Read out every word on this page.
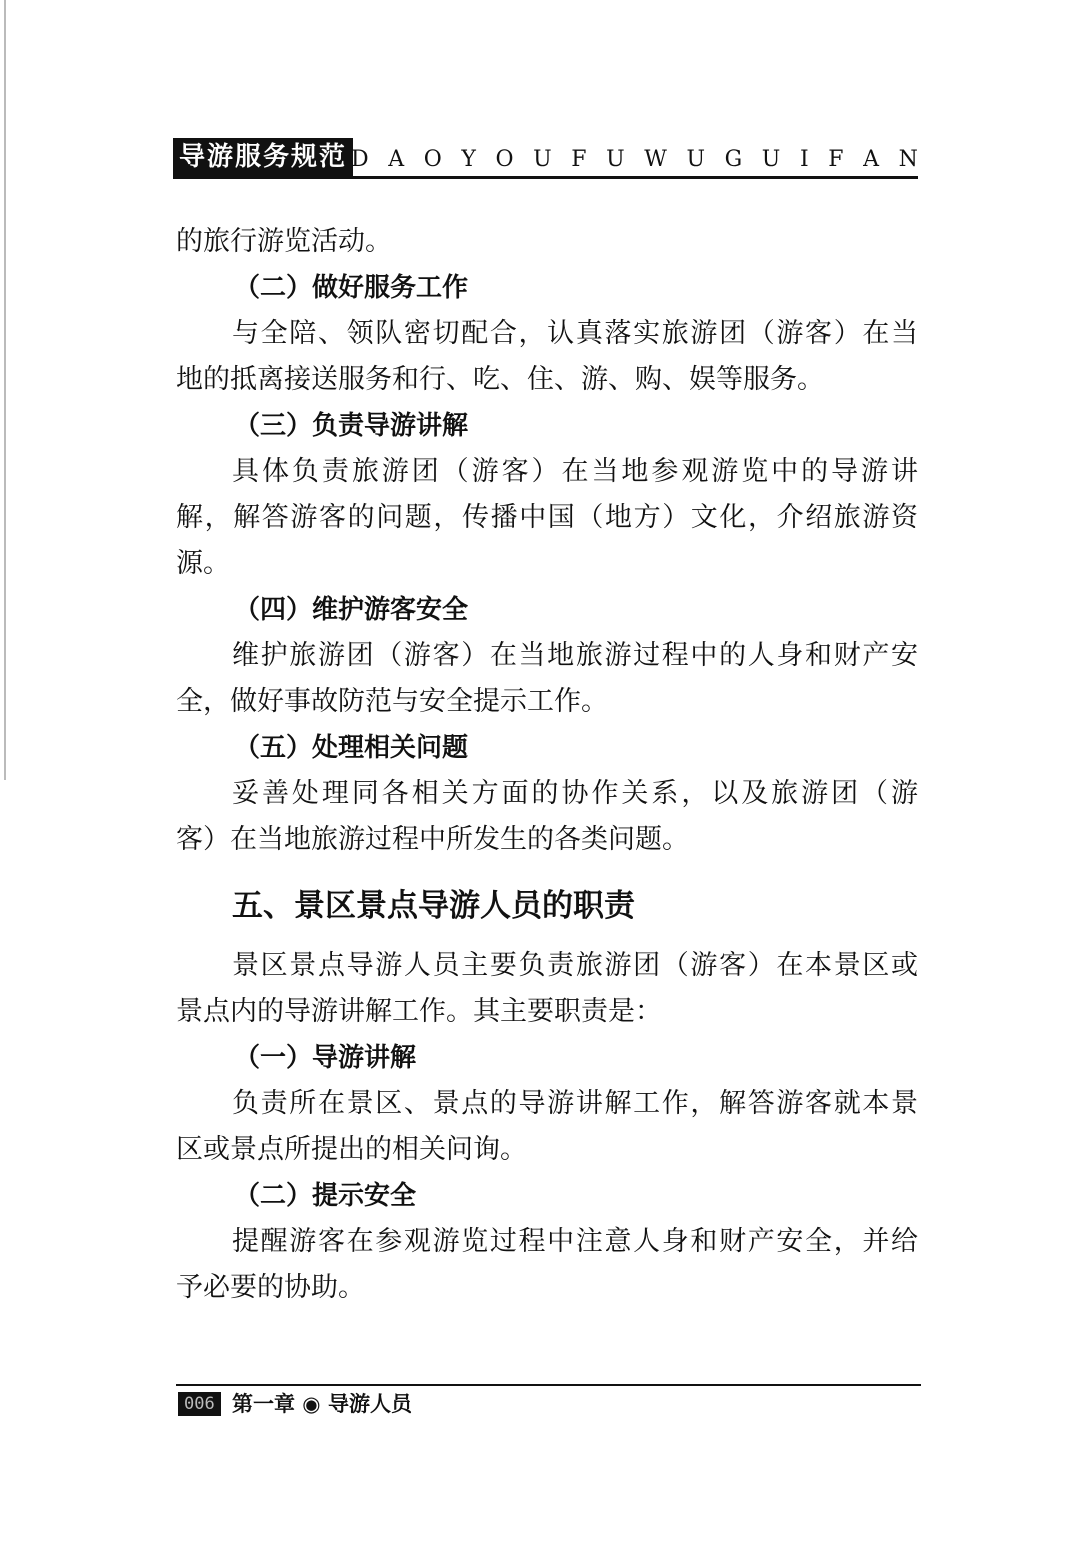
导游服务规范 D A O Y O U F U W U G U I F A N
的旅行游览活动。
（二）做好服务工作
与全陪、领队密切配合，认真落实旅游团（游客）在当
地的抵离接送服务和行、吃、住、游、购、娱等服务。
（三）负责导游讲解
具体负责旅游团（游客）在当地参观游览中的导游讲
解，解答游客的问题，传播中国（地方）文化，介绍旅游资
源。
（四）维护游客安全
维护旅游团（游客）在当地旅游过程中的人身和财产安
全，做好事故防范与安全提示工作。
（五）处理相关问题
妥善处理同各相关方面的协作关系，以及旅游团（游
客）在当地旅游过程中所发生的各类问题。
五、景区景点导游人员的职责
景区景点导游人员主要负责旅游团（游客）在本景区或
景点内的导游讲解工作。其主要职责是：
（一）导游讲解
负责所在景区、景点的导游讲解工作，解答游客就本景
区或景点所提出的相关问询。
（二）提示安全
提醒游客在参观游览过程中注意人身和财产安全，并给
予必要的协助。
006 第一章 ◉ 导游人员
